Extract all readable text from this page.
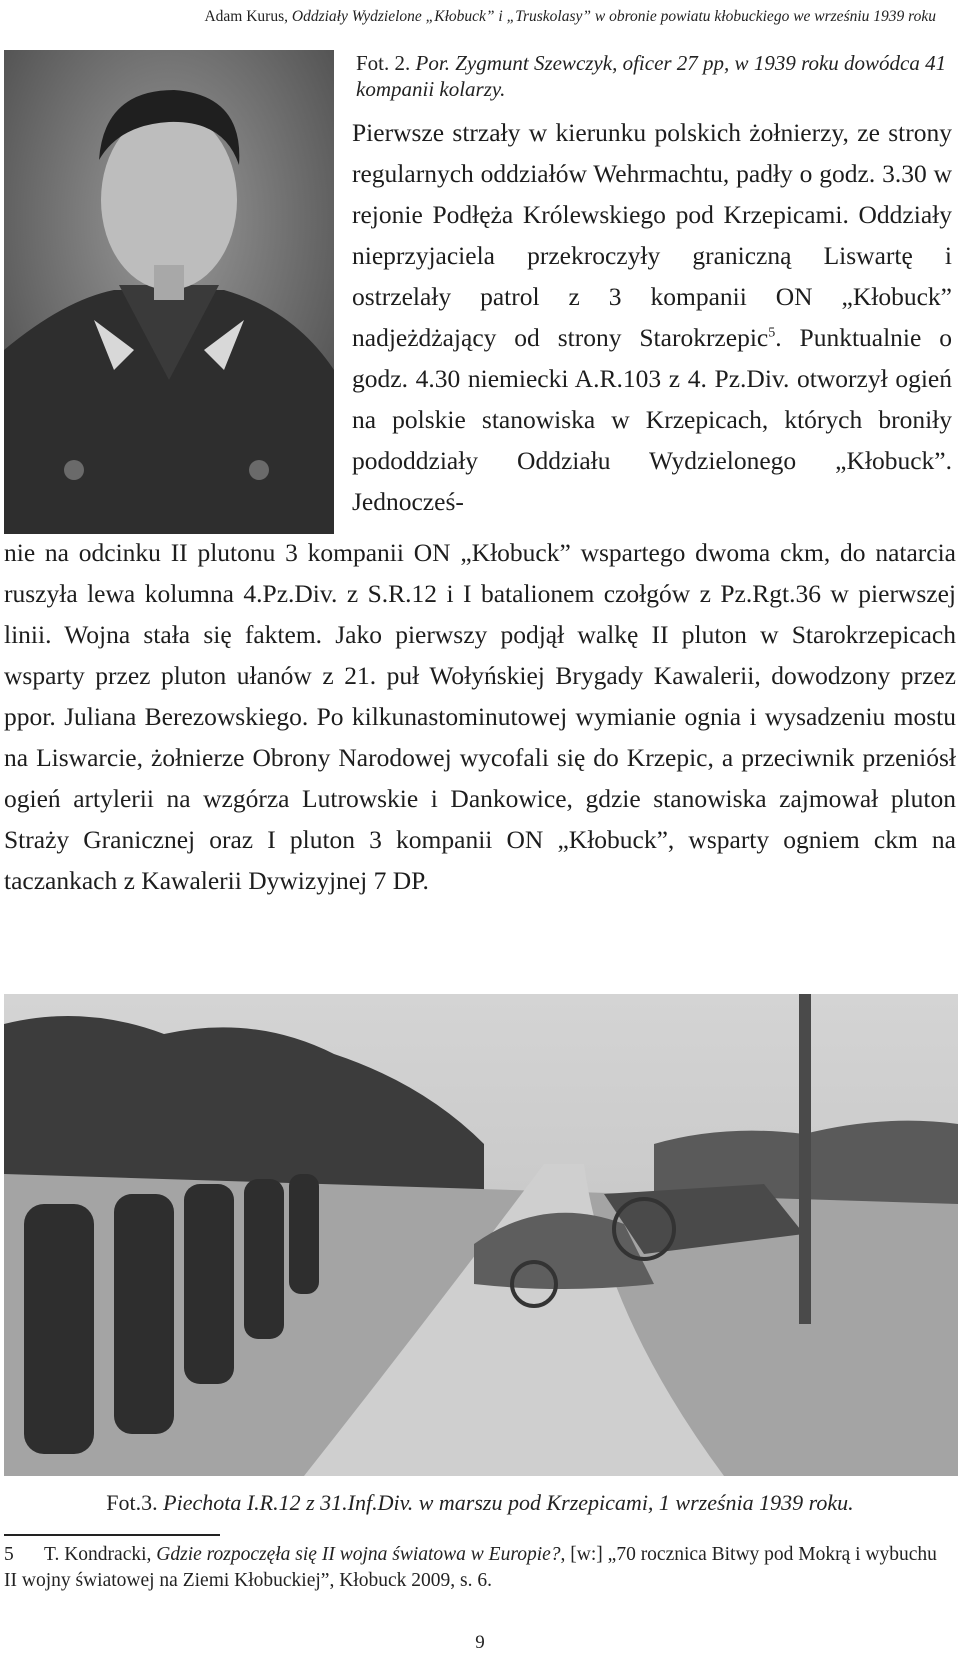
Adam Kurus, Oddziały Wydzielone „Kłobuck” i „Truskolasy” w obronie powiatu kłobuckiego we wrześniu 1939 roku
Fot. 2. Por. Zygmunt Szewczyk, oficer 27 pp, w 1939 roku dowódca 41 kompanii kolarzy.

Pierwsze strzały w kierunku polskich żołnierzy, ze strony regularnych oddziałów Wehrmachtu, padły o godz. 3.30 w rejonie Podłęża Królewskiego pod Krzepicami. Oddziały nieprzyjaciela przekroczyły graniczną Liswartę i ostrzelały patrol z 3 kompanii ON „Kłobuck” nadjeżdżający od strony Starokrzepic$^5$. Punktualnie o godz. 4.30 niemiecki A.R.103 z 4. Pz.Div. otworzył ogień na polskie stanowiska w Krzepicach, których broniły pododdziały Oddziału Wydzielonego „Kłobuck”. Jednocześ-

nie na odcinku II plutonu 3 kompanii ON „Kłobuck” wspartego dwoma ckm, do natarcia ruszyła lewa kolumna 4.Pz.Div. z S.R.12 i I batalionem czołgów z Pz.Rgt.36 w pierwszej linii. Wojna stała się faktem. Jako pierwszy podjął walkę II pluton w Starokrzepicach wsparty przez pluton ułanów z 21. puł Wołyńskiej Brygady Kawalerii, dowodzony przez ppor. Juliana Berezowskiego. Po kilkunastominutowej wymianie ognia i wysadzeniu mostu na Liswarcie, żołnierze Obrony Narodowej wycofali się do Krzepic, a przeciwnik przeniósł ogień artylerii na wzgórza Lutrowskie i Dankowice, gdzie stanowiska zajmował pluton Straży Granicznej oraz I pluton 3 kompanii ON „Kłobuck”, wsparty ogniem ckm na taczankach z Kawalerii Dywizyjnej 7 DP.

Fot.3. Piechota I.R.12 z 31.Inf.Div. w marszu pod Krzepicami, 1 września 1939 roku.
5 T. Kondracki, Gdzie rozpoczęła się II wojna światowa w Europie?, [w:] „70 rocznica Bitwy pod Mokrą i wybuchu II wojny światowej na Ziemi Kłobuckiej”, Kłobuck 2009, s. 6.
9
